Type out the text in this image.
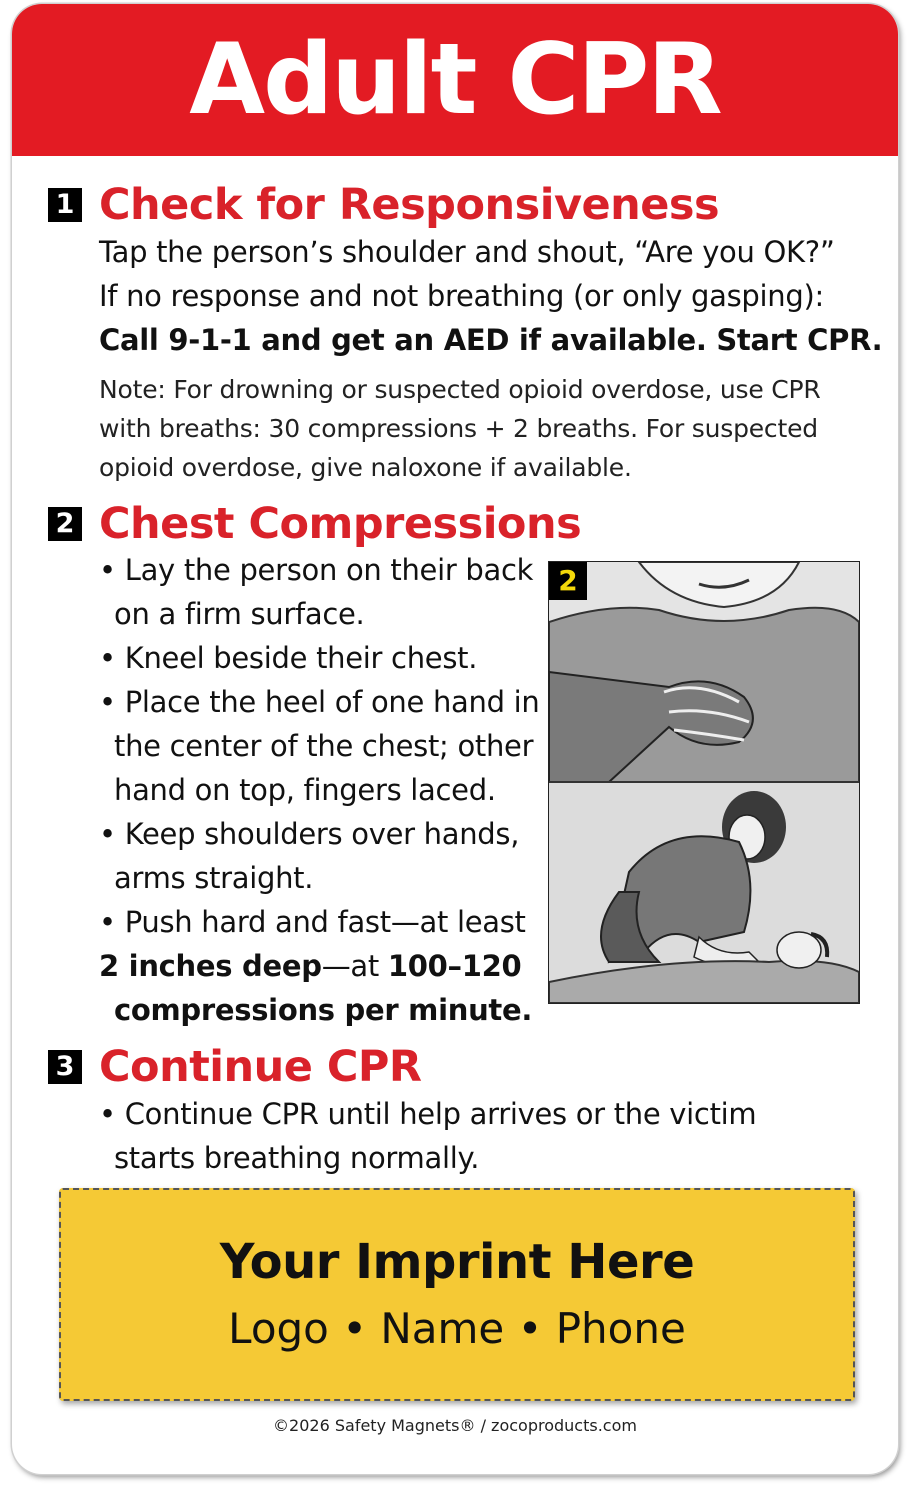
Adult CPR
1 Check for Responsiveness
Tap the person’s shoulder and shout, “Are you OK?”
If no response and not breathing (or only gasping):
Call 9-1-1 and get an AED if available. Start CPR.
Note: For drowning or suspected opioid overdose, use CPR
with breaths: 30 compressions + 2 breaths. For suspected
opioid overdose, give naloxone if available.
2 Chest Compressions
• Lay the person on their back
on a firm surface.
• Kneel beside their chest.
• Place the heel of one hand in
the center of the chest; other
hand on top, fingers laced.
• Keep shoulders over hands,
arms straight.
• Push hard and fast—at least
2 inches deep—at 100–120
compressions per minute.
2
3 Continue CPR
• Continue CPR until help arrives or the victim
starts breathing normally.
Your Imprint Here
Logo • Name • Phone
©2026 Safety Magnets® / zocoproducts.com
